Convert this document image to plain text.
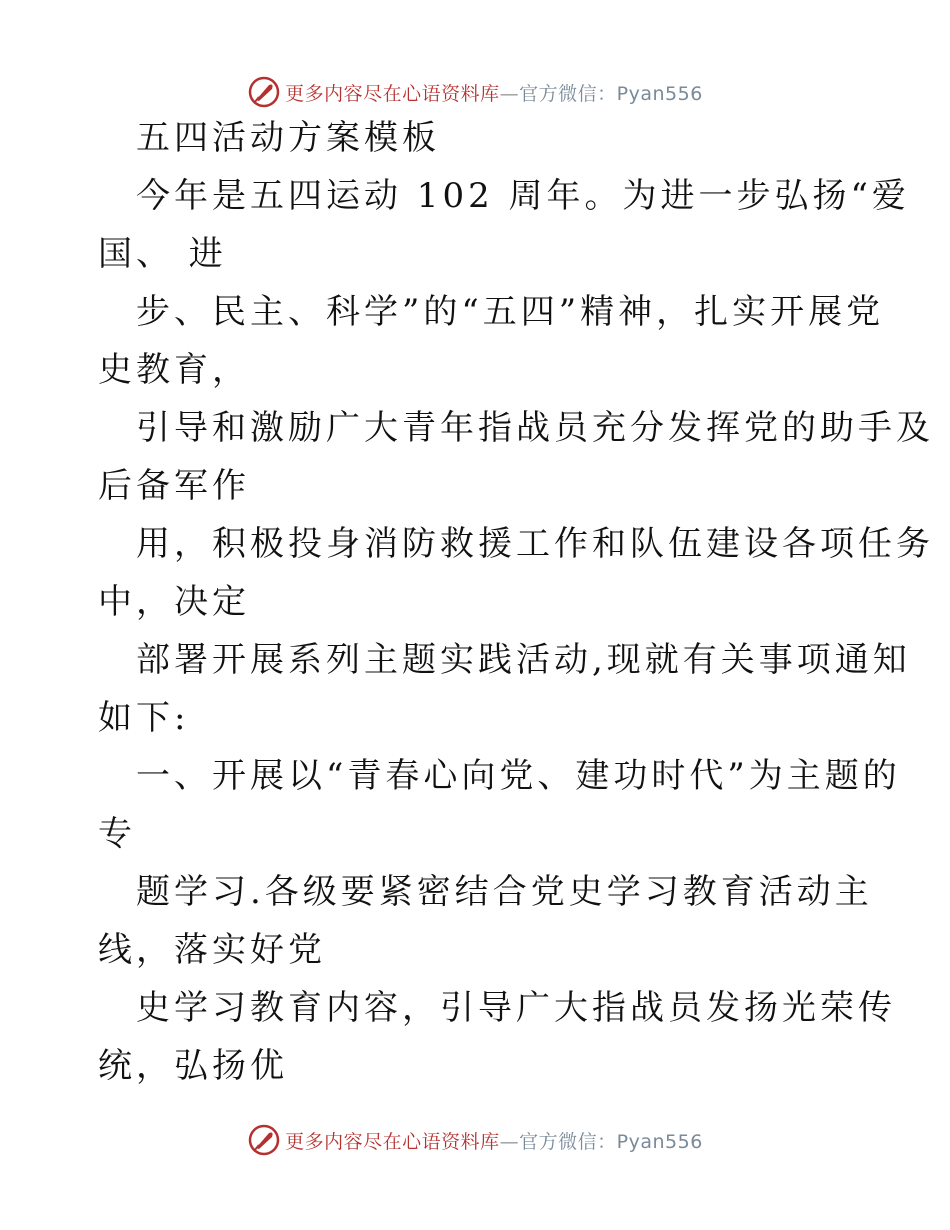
更多内容尽在心语资料库—官方微信：Pyan556
五四活动方案模板
今年是五四运动 102 周年。为进一步弘扬“爱
国、 进
步、民主、科学”的“五四”精神，扎实开展党
史教育，
引导和激励广大青年指战员充分发挥党的助手及
后备军作
用，积极投身消防救援工作和队伍建设各项任务
中，决定
部署开展系列主题实践活动,现就有关事项通知
如下:
一、开展以“青春心向党、建功时代”为主题的
专
题学习.各级要紧密结合党史学习教育活动主
线，落实好党
史学习教育内容，引导广大指战员发扬光荣传
统，弘扬优
更多内容尽在心语资料库—官方微信：Pyan556
